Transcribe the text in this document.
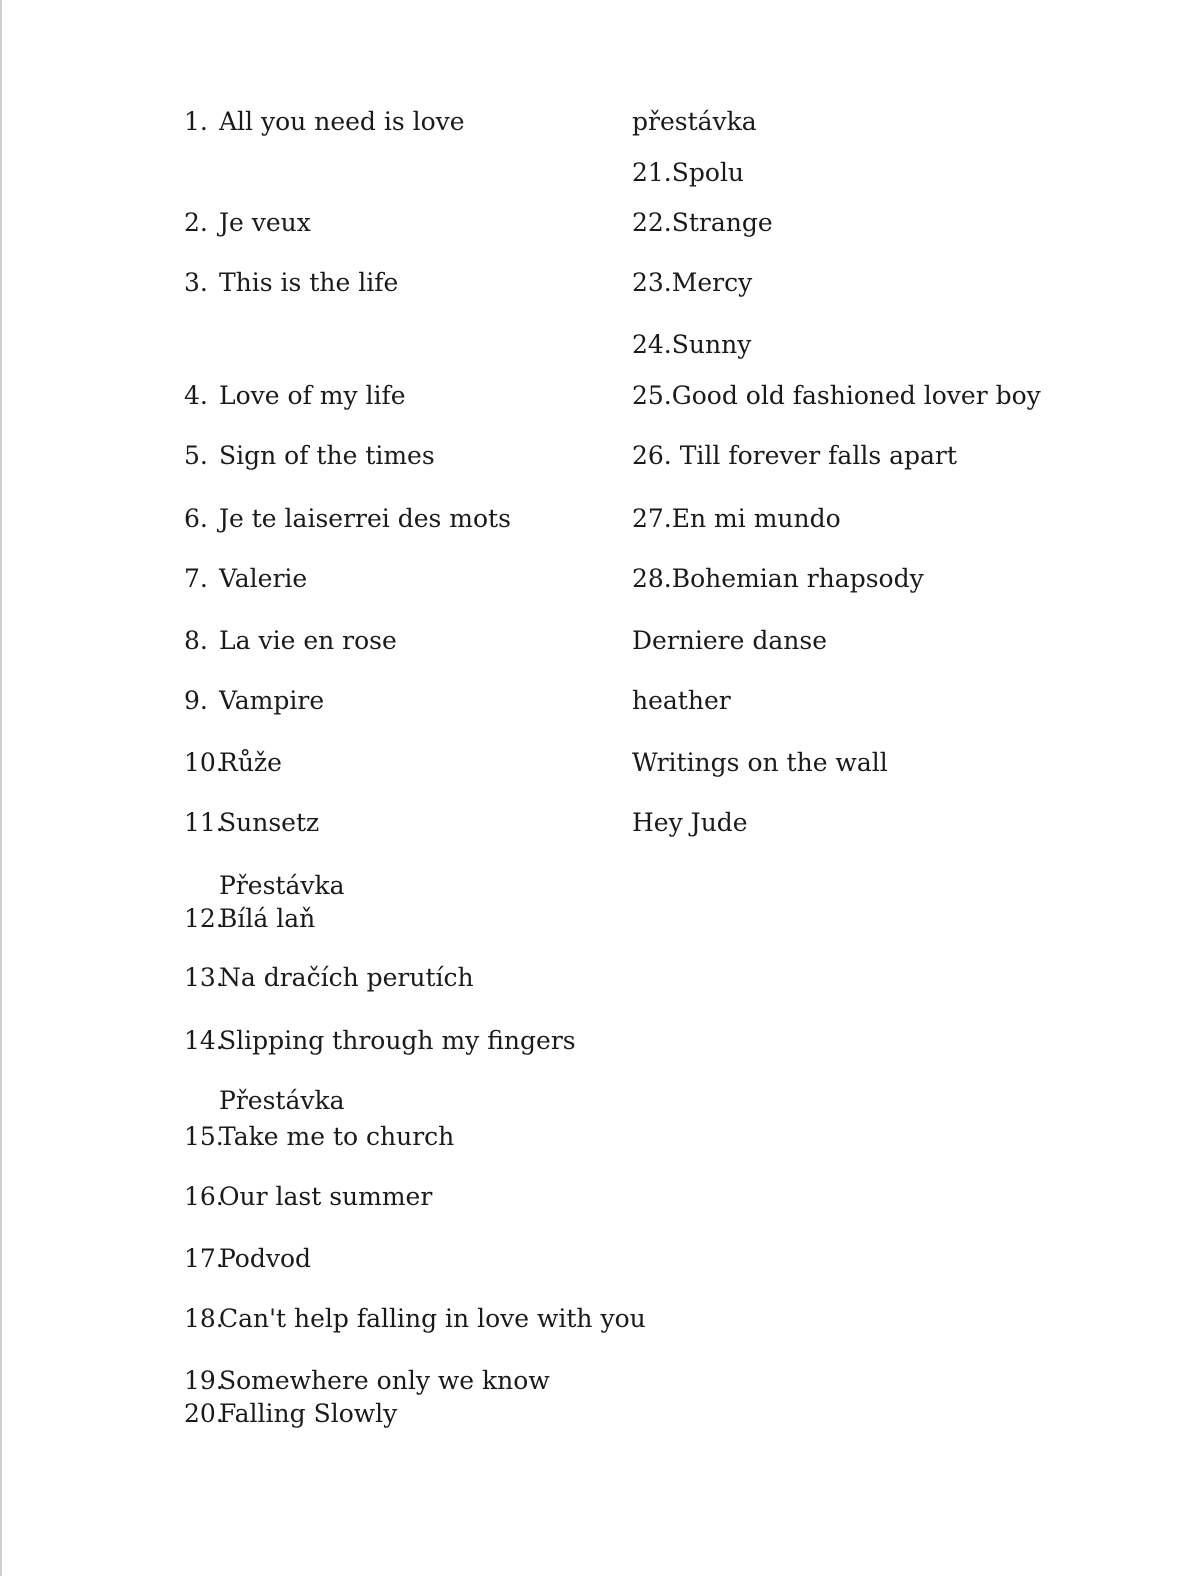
1. All you need is love
2. Je veux
3. This is the life
4. Love of my life
5. Sign of the times
6. Je te laiserrei des mots
7. Valerie
8. La vie en rose
9. Vampire
10.
Růže
11.
Sunsetz
Přestávka
12.
Bílá laň
13.
Na dračích perutích
14.
Slipping through my fingers
Přestávka
15.
Take me to church
16.
Our last summer
17.
Podvod
18.
Can't help falling in love with you
19.
Somewhere only we know
20.
Falling Slowly
přestávka
21.Spolu
22.Strange
23.Mercy
24.Sunny
25.Good old fashioned lover boy
26. Till forever falls apart
27.En mi mundo
28.Bohemian rhapsody
Derniere danse
heather
Writings on the wall
Hey Jude
